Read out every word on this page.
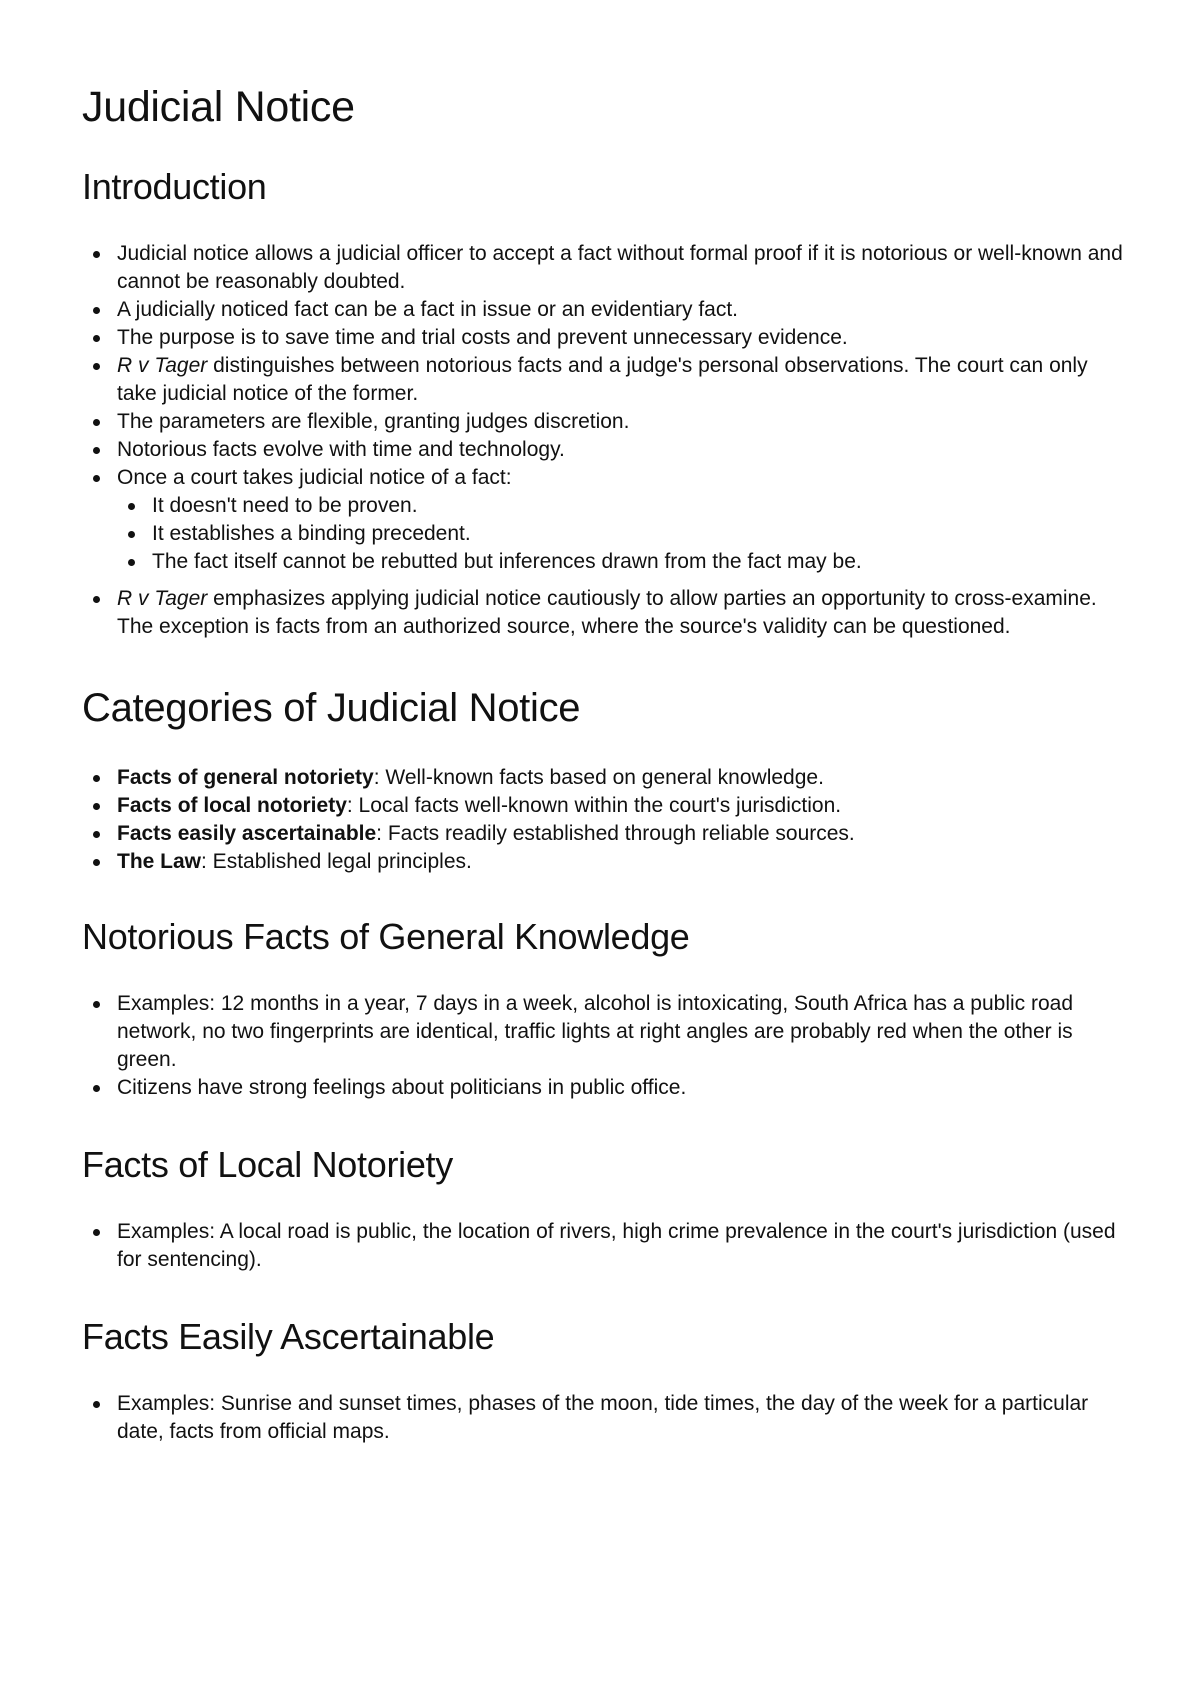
Judicial Notice
Introduction
Judicial notice allows a judicial officer to accept a fact without formal proof if it is notorious or well-known and cannot be reasonably doubted.
A judicially noticed fact can be a fact in issue or an evidentiary fact.
The purpose is to save time and trial costs and prevent unnecessary evidence.
R v Tager distinguishes between notorious facts and a judge's personal observations. The court can only take judicial notice of the former.
The parameters are flexible, granting judges discretion.
Notorious facts evolve with time and technology.
Once a court takes judicial notice of a fact:
It doesn't need to be proven.
It establishes a binding precedent.
The fact itself cannot be rebutted but inferences drawn from the fact may be.
R v Tager emphasizes applying judicial notice cautiously to allow parties an opportunity to cross-examine. The exception is facts from an authorized source, where the source's validity can be questioned.
Categories of Judicial Notice
Facts of general notoriety: Well-known facts based on general knowledge.
Facts of local notoriety: Local facts well-known within the court's jurisdiction.
Facts easily ascertainable: Facts readily established through reliable sources.
The Law: Established legal principles.
Notorious Facts of General Knowledge
Examples: 12 months in a year, 7 days in a week, alcohol is intoxicating, South Africa has a public road network, no two fingerprints are identical, traffic lights at right angles are probably red when the other is green.
Citizens have strong feelings about politicians in public office.
Facts of Local Notoriety
Examples: A local road is public, the location of rivers, high crime prevalence in the court's jurisdiction (used for sentencing).
Facts Easily Ascertainable
Examples: Sunrise and sunset times, phases of the moon, tide times, the day of the week for a particular date, facts from official maps.
